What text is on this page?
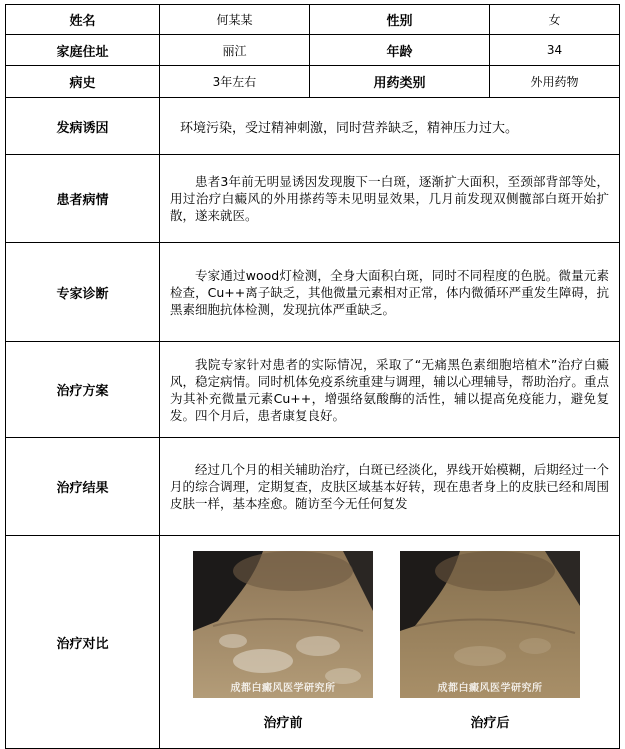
姓名	何某某	性别	女
家庭住址	丽江	年龄	34
病史	3年左右	用药类别	外用药物
发病诱因	环境污染，受过精神刺激，同时营养缺乏，精神压力过大。		
患者病情	患者3年前无明显诱因发现腹下一白斑，逐渐扩大面积，至颈部背部等处，用过治疗白癜风的外用搽药等未见明显效果，几月前发现双侧髋部白斑开始扩散，遂来就医。		

专家诊断	专家通过wood灯检测，全身大面积白斑，同时不同程度的色脱。微量元素检查，Cu++离子缺乏，其他微量元素相对正常，体内微循环严重发生障碍，抗黑素细胞抗体检测，发现抗体严重缺乏。		

治疗方案	我院专家针对患者的实际情况，采取了“无痛黑色素细胞培植术”治疗白癜风，稳定病情。同时机体免疫系统重建与调理，辅以心理辅导，帮助治疗。重点为其补充微量元素Cu++，增强络氨酸酶的活性，辅以提高免疫能力，避免复发。四个月后，患者康复良好。		

治疗结果	经过几个月的相关辅助治疗，白斑已经淡化，界线开始模糊，后期经过一个月的综合调理，定期复查，皮肤区域基本好转，现在患者身上的皮肤已经和周围皮肤一样，基本痊愈。随访至今无任何复发		

治疗对比	成都白癜风医学研究所 成都白癜风医学研究所
治疗前 治疗后		
